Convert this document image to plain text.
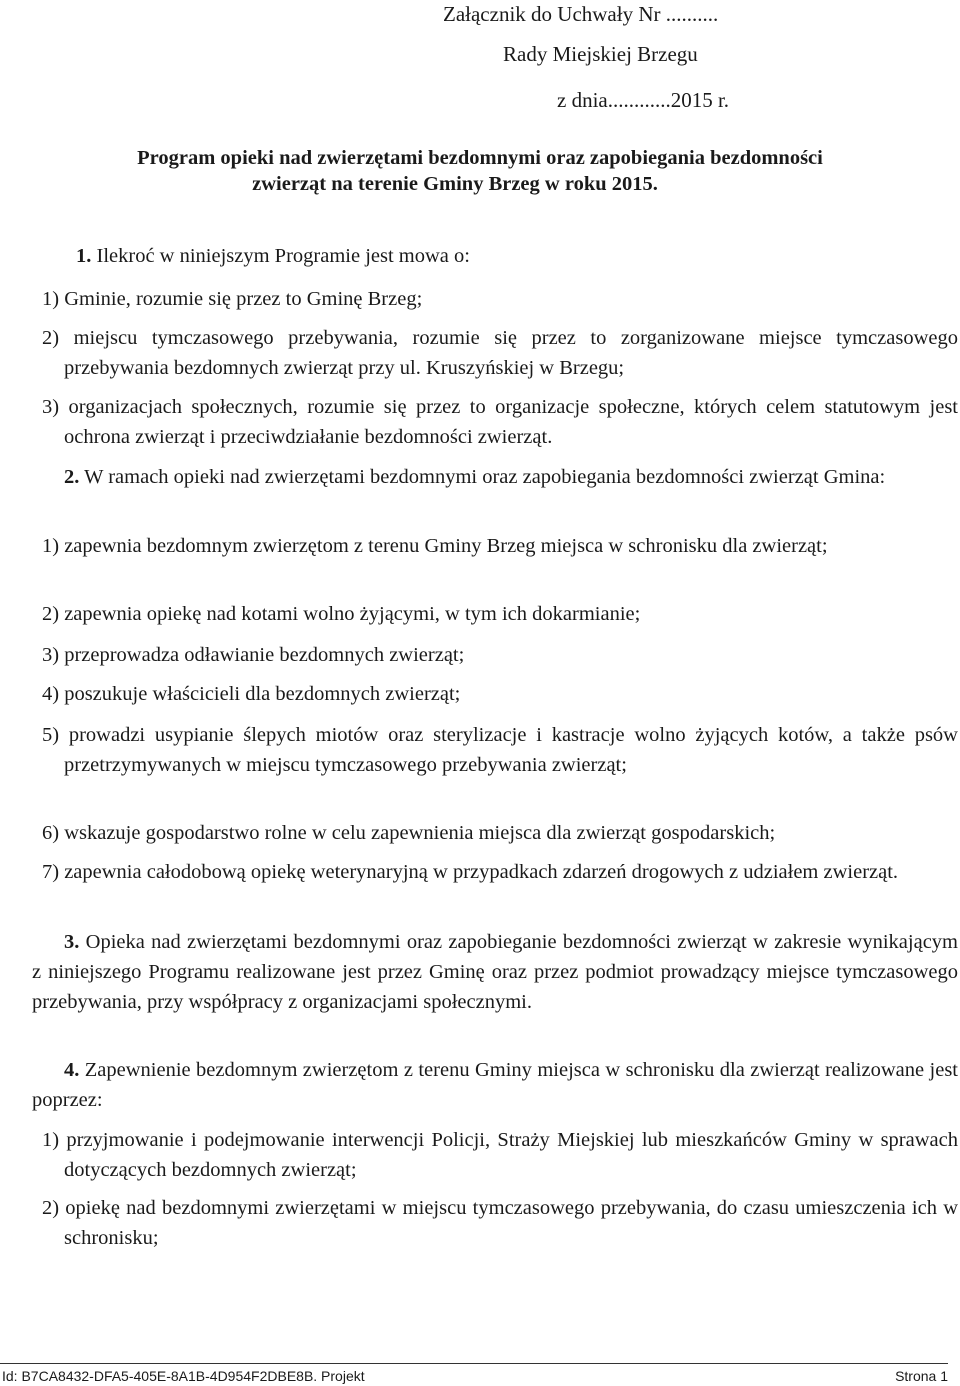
Załącznik do Uchwały Nr ..........
Rady Miejskiej Brzegu
z dnia............2015 r.
Program opieki nad zwierzętami bezdomnymi oraz zapobiegania bezdomności
zwierząt na terenie Gminy Brzeg w roku 2015.
1. Ilekroć w niniejszym Programie jest mowa o:
1) Gminie, rozumie się przez to Gminę Brzeg;
2) miejscu tymczasowego przebywania, rozumie się przez to zorganizowane miejsce tymczasowego przebywania bezdomnych zwierząt przy ul. Kruszyńskiej w Brzegu;
3) organizacjach społecznych, rozumie się przez to organizacje społeczne, których celem statutowym jest ochrona zwierząt i przeciwdziałanie bezdomności zwierząt.
2. W ramach opieki nad zwierzętami bezdomnymi oraz zapobiegania bezdomności zwierząt Gmina:
1) zapewnia bezdomnym zwierzętom z terenu Gminy Brzeg miejsca w schronisku dla zwierząt;
2) zapewnia opiekę nad kotami wolno żyjącymi, w tym ich dokarmianie;
3) przeprowadza odławianie bezdomnych zwierząt;
4) poszukuje właścicieli dla bezdomnych zwierząt;
5) prowadzi usypianie ślepych miotów oraz sterylizacje i kastracje wolno żyjących kotów, a także psów przetrzymywanych w miejscu tymczasowego przebywania zwierząt;
6) wskazuje gospodarstwo rolne w celu zapewnienia miejsca dla zwierząt gospodarskich;
7) zapewnia całodobową opiekę weterynaryjną w przypadkach zdarzeń drogowych z udziałem zwierząt.
3. Opieka nad zwierzętami bezdomnymi oraz zapobieganie bezdomności zwierząt w zakresie wynikającym z niniejszego Programu realizowane jest przez Gminę oraz przez podmiot prowadzący miejsce tymczasowego przebywania, przy współpracy z organizacjami społecznymi.
4. Zapewnienie bezdomnym zwierzętom z terenu Gminy miejsca w schronisku dla zwierząt realizowane jest poprzez:
1) przyjmowanie i podejmowanie interwencji Policji, Straży Miejskiej lub mieszkańców Gminy w sprawach dotyczących bezdomnych zwierząt;
2) opiekę nad bezdomnymi zwierzętami w miejscu tymczasowego przebywania, do czasu umieszczenia ich w schronisku;
Id: B7CA8432-DFA5-405E-8A1B-4D954F2DBE8B. Projekt	Strona 1
